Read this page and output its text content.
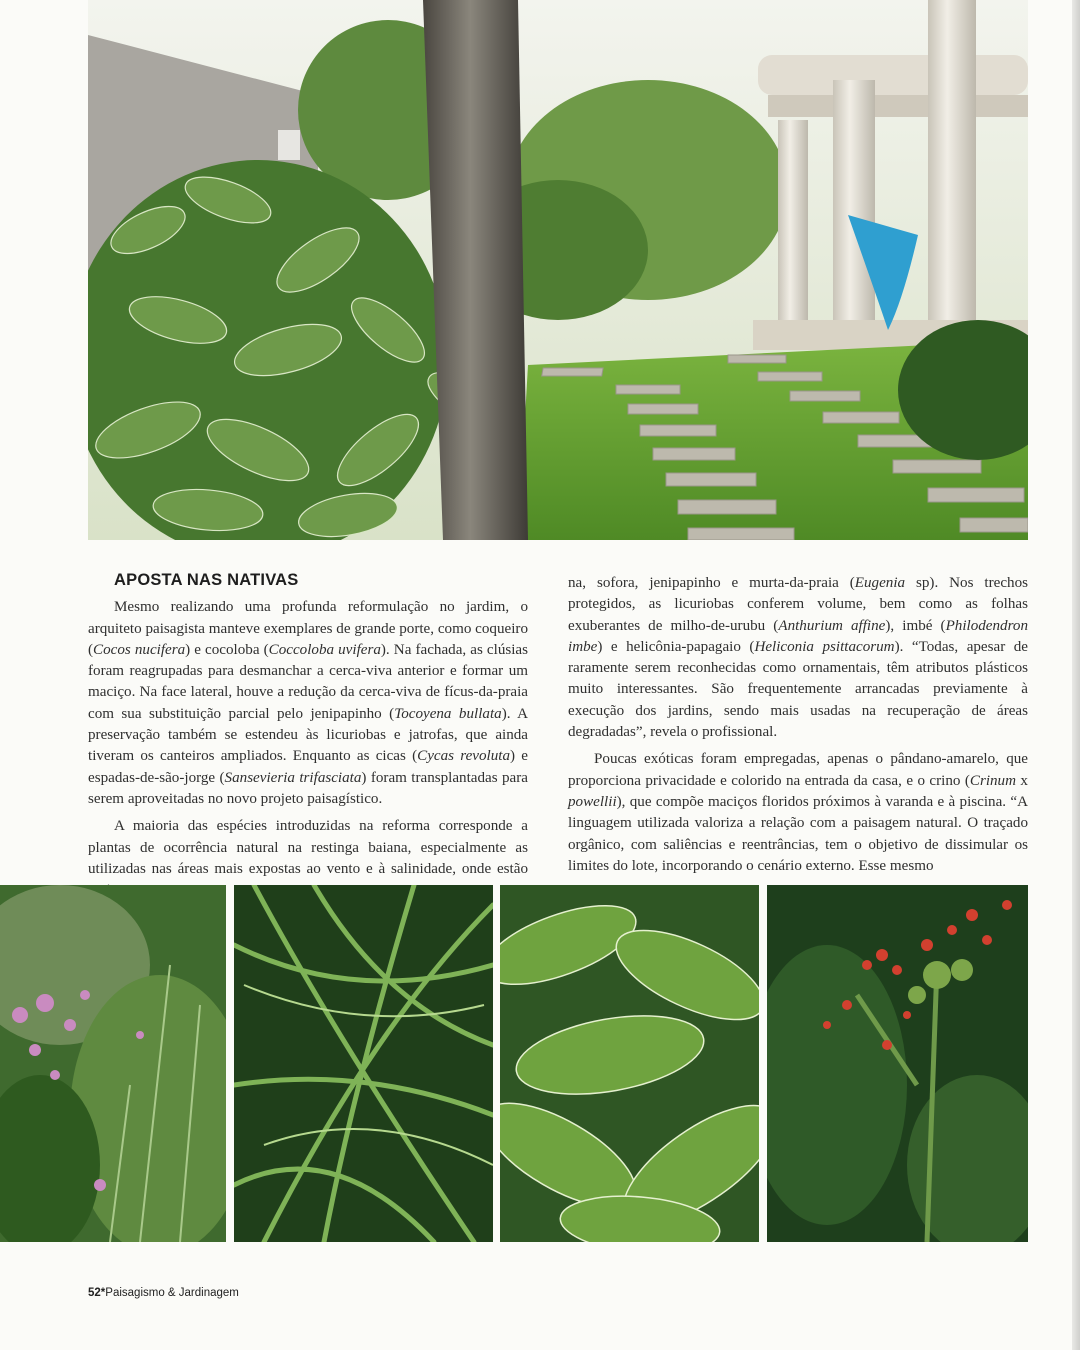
APOSTA NAS NATIVAS

Mesmo realizando uma profunda reformulação no jardim, o arquiteto paisagista manteve exemplares de grande porte, como coqueiro (Cocos nucifera) e cocoloba (Coccoloba uvifera). Na fachada, as clúsias foram reagrupadas para desmanchar a cerca-viva anterior e formar um maciço. Na face lateral, houve a redução da cerca-viva de fícus-da-praia com sua substituição parcial pelo jenipapinho (Tocoyena bullata). A preservação também se estendeu às licuriobas e jatrofas, que ainda tiveram os canteiros ampliados. Enquanto as cicas (Cycas revoluta) e espadas-de-são-jorge (Sansevieria trifasciata) foram transplantadas para serem aproveitadas no novo projeto paisagístico.

A maioria das espécies introduzidas na reforma corresponde a plantas de ocorrência natural na restinga baiana, especialmente as utilizadas nas áreas mais expostas ao vento e à salinidade, onde estão

na, sofora, jenipapinho e murta-da-praia (Eugenia sp). Nos trechos protegidos, as licuriobas conferem volume, bem como as folhas exuberantes de milho-de-urubu (Anthurium affine), imbé (Philodendron imbe) e helicônia-papagaio (Heliconia psittacorum). “Todas, apesar de raramente serem reconhecidas como ornamentais, têm atributos plásticos muito interessantes. São frequentemente arrancadas previamente à execução dos jardins, sendo mais usadas na recuperação de áreas degradadas”, revela o profissional.

Poucas exóticas foram empregadas, apenas o pândano-amarelo, que proporciona privacidade e colorido na entrada da casa, e o crino (Crinum x powellii), que compõe maciços floridos próximos à varanda e à piscina. “A linguagem utilizada valoriza a relação com a paisagem natural. O traçado orgânico, com saliências e reentrâncias, tem o objetivo de dissimular os limites do lote, incorporando o cenário externo. Esse mesmo

52*Paisagismo & Jardinagem
